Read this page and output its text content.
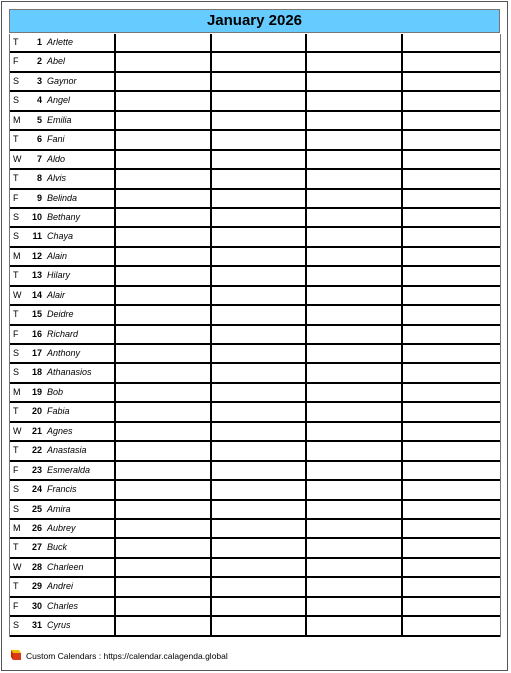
January 2026
T	1 Arlette
F	2 Abel
S	3 Gaynor
S	4 Angel
M	5 Emilia
T	6 Fani
W	7 Aldo
T	8 Alvis
F	9 Belinda
S	10 Bethany
S	11 Chaya
M	12 Alain
T	13 Hilary
W	14 Alair
T	15 Deidre
F	16 Richard
S	17 Anthony
S	18 Athanasios
M	19 Bob
T	20 Fabia
W	21 Agnes
T	22 Anastasia
F	23 Esmeralda
S	24 Francis
S	25 Amira
M	26 Aubrey
T	27 Buck
W	28 Charleen
T	29 Andrei
F	30 Charles
S	31 Cyrus
Custom Calendars : https://calendar.calagenda.global
